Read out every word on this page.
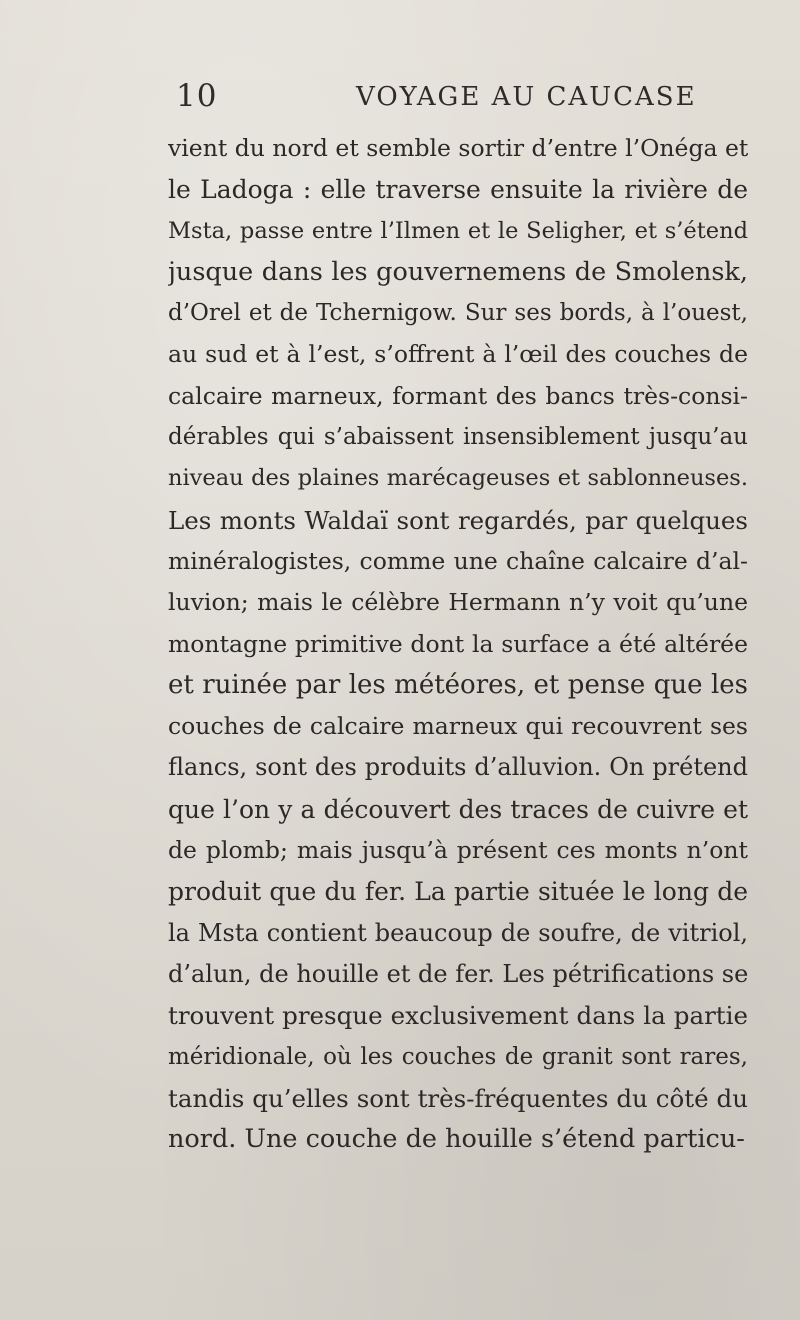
10	VOYAGE AU CAUCASE
vient du nord et semble sortir d’entre l’Onéga et
le Ladoga : elle traverse ensuite la rivière de
Msta, passe entre l’Ilmen et le Seligher, et s’étend
jusque dans les gouvernemens de Smolensk,
d’Orel et de Tchernigow. Sur ses bords, à l’ouest,
au sud et à l’est, s’offrent à l’œil des couches de
calcaire marneux, formant des bancs très-consi-
dérables qui s’abaissent insensiblement jusqu’au
niveau des plaines marécageuses et sablonneuses.
Les monts Waldaï sont regardés, par quelques
minéralogistes, comme une chaîne calcaire d’al-
luvion; mais le célèbre Hermann n’y voit qu’une
montagne primitive dont la surface a été altérée
et ruinée par les météores, et pense que les
couches de calcaire marneux qui recouvrent ses
flancs, sont des produits d’alluvion. On prétend
que l’on y a découvert des traces de cuivre et
de plomb; mais jusqu’à présent ces monts n’ont
produit que du fer. La partie située le long de
la Msta contient beaucoup de soufre, de vitriol,
d’alun, de houille et de fer. Les pétrifications se
trouvent presque exclusivement dans la partie
méridionale, où les couches de granit sont rares,
tandis qu’elles sont très-fréquentes du côté du
nord. Une couche de houille s’étend particu-
